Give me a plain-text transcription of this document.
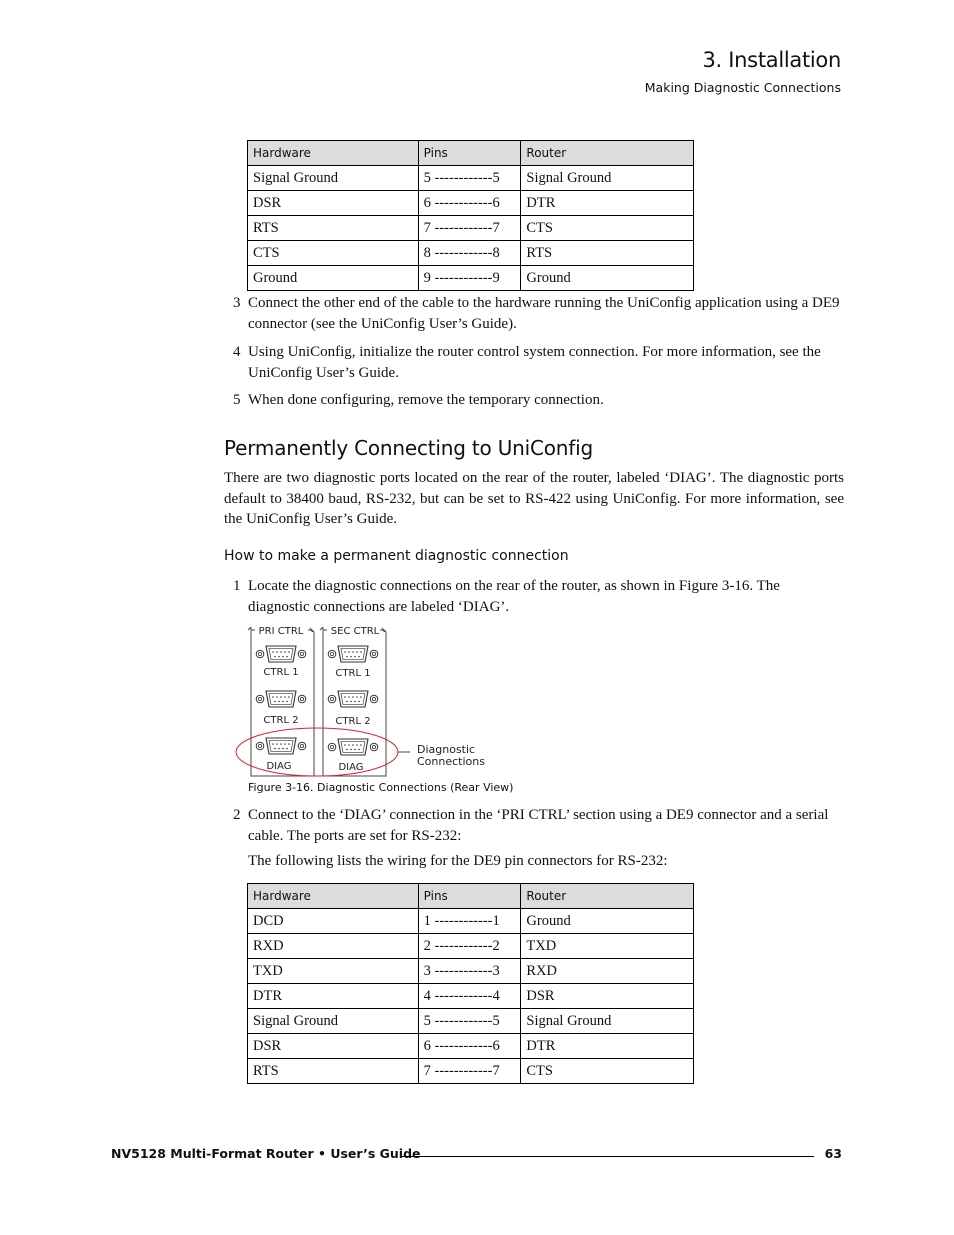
3. Installation
Making Diagnostic Connections
Hardware	Pins	Router
Signal Ground	5 ------------5	Signal Ground
DSR	6 ------------6	DTR
RTS	7 ------------7	CTS
CTS	8 ------------8	RTS
Ground	9 ------------9	Ground
3 Connect the other end of the cable to the hardware running the UniConfig application using a DE9 connector (see the UniConfig User’s Guide).
4 Using UniConfig, initialize the router control system connection. For more information, see the UniConfig User’s Guide.
5 When done configuring, remove the temporary connection.
Permanently Connecting to UniConfig
There are two diagnostic ports located on the rear of the router, labeled ‘DIAG’. The diagnostic ports default to 38400 baud, RS-232, but can be set to RS-422 using UniConfig. For more information, see the UniConfig User’s Guide.
How to make a permanent diagnostic connection
1 Locate the diagnostic connections on the rear of the router, as shown in Figure 3-16. The diagnostic connections are labeled ‘DIAG’.
PRI CTRL	SEC CTRL
CTRL 1	CTRL 1
CTRL 2	CTRL 2
DIAG	DIAG
Diagnostic
Connections
Figure 3-16. Diagnostic Connections (Rear View)
2 Connect to the ‘DIAG’ connection in the ‘PRI CTRL’ section using a DE9 connector and a serial cable. The ports are set for RS-232:
The following lists the wiring for the DE9 pin connectors for RS-232:
Hardware	Pins	Router
DCD	1 ------------1	Ground
RXD	2 ------------2	TXD
TXD	3 ------------3	RXD
DTR	4 ------------4	DSR
Signal Ground	5 ------------5	Signal Ground
DSR	6 ------------6	DTR
RTS	7 ------------7	CTS
NV5128 Multi-Format Router • User’s Guide	63
